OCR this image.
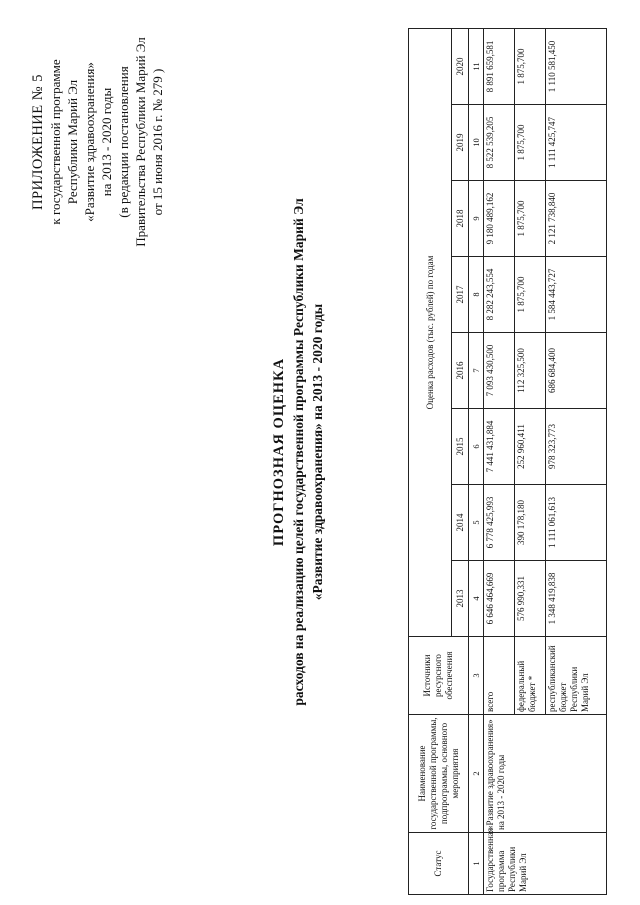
ПРИЛОЖЕНИЕ № 5 к государственной программе Республики Марий Эл «Развитие здравоохранения» на 2013 - 2020 годы (в редакции постановления Правительства Республики Марий Эл от 15 июня 2016 г. № 279 )
ПРОГНОЗНАЯ ОЦЕНКА расходов на реализацию целей государственной программы Республики Марий Эл «Развитие здравоохранения» на 2013 - 2020 годы
Статус	Наименование государственной программы, подпрограммы, основного мероприятия	Источники ресурсного обеспечения	Оценка расходов (тыс. рублей) по годам							
			2013	2014	2015	2016	2017	2018	2019	2020
1	2	3	4	5	6	7	8	9	10	11
Государственная программа Республики Марий Эл	«Развитие здравоохранения» на 2013 - 2020 годы	всего	6 646 464,669	6 778 425,993	7 441 431,884	7 093 430,500	8 282 243,554	9 180 489,162	8 522 539,205	8 891 659,581
		федеральный бюджет *	576 990,331	390 178,180	252 960,411	112 325,500	1 875,700	1 875,700	1 875,700	1 875,700
		республиканский бюджет Республики Марий Эл	1 348 419,838	1 111 061,613	978 323,773	686 684,400	1 584 443,727	2 121 738,840	1 111 425,747	1 110 581,450
